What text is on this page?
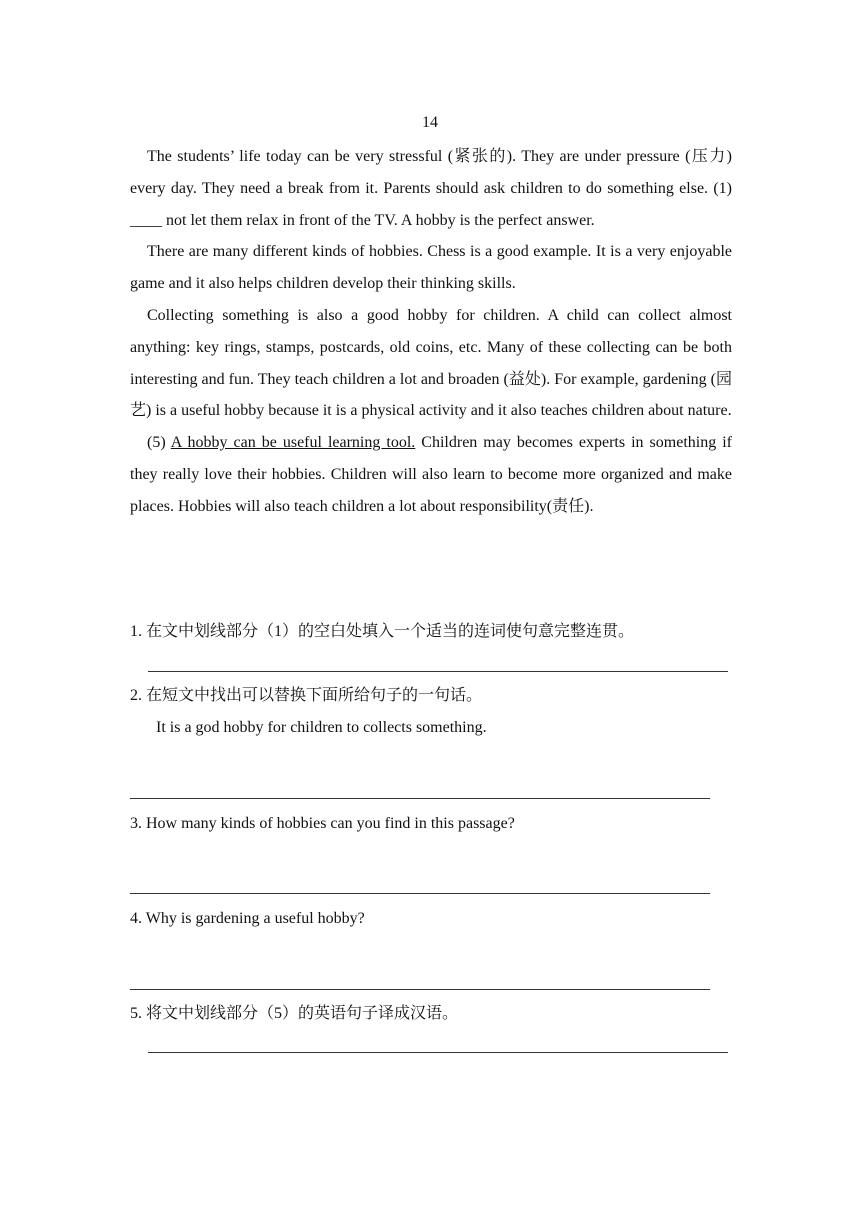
14

The students’ life today can be very stressful (紧张的). They are under pressure (压力) every day. They need a break from it. Parents should ask children to do something else. (1) ____ not let them relax in front of the TV. A hobby is the perfect answer.

There are many different kinds of hobbies. Chess is a good example. It is a very enjoyable game and it also helps children develop their thinking skills.

Collecting something is also a good hobby for children. A child can collect almost anything: key rings, stamps, postcards, old coins, etc. Many of these collecting can be both interesting and fun. They teach children a lot and broaden (益处). For example, gardening (园艺) is a useful hobby because it is a physical activity and it also teaches children about nature.

(5) A hobby can be useful learning tool. Children may becomes experts in something if they really love their hobbies. Children will also learn to become more organized and make places. Hobbies will also teach children a lot about responsibility(责任).

1. 在文中划线部分（1）的空白处填入一个适当的连词使句意完整连贯。
2. 在短文中找出可以替换下面所给句子的一句话。
It is a god hobby for children to collects something.
3. How many kinds of hobbies can you find in this passage?
4. Why is gardening a useful hobby?
5. 将文中划线部分（5）的英语句子译成汉语。
